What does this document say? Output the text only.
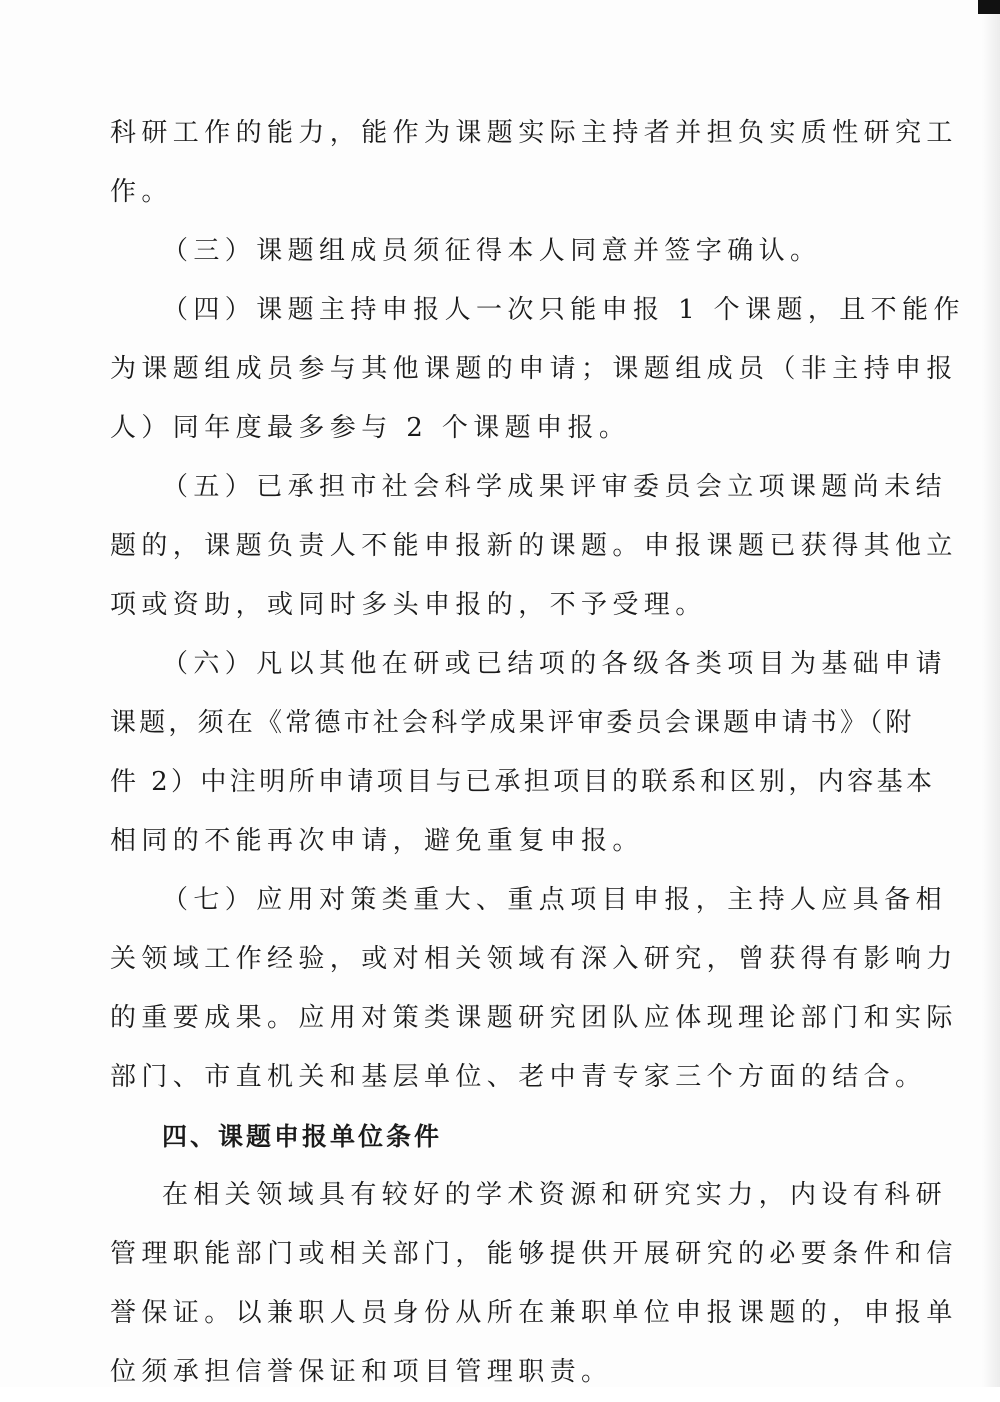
科研工作的能力，能作为课题实际主持者并担负实质性研究工
作。
（三）课题组成员须征得本人同意并签字确认。
（四）课题主持申报人一次只能申报 1 个课题，且不能作
为课题组成员参与其他课题的申请；课题组成员（非主持申报
人）同年度最多参与 2 个课题申报。
（五）已承担市社会科学成果评审委员会立项课题尚未结
题的，课题负责人不能申报新的课题。申报课题已获得其他立
项或资助，或同时多头申报的，不予受理。
（六）凡以其他在研或已结项的各级各类项目为基础申请
课题，须在《常德市社会科学成果评审委员会课题申请书》（附
件 2）中注明所申请项目与已承担项目的联系和区别，内容基本
相同的不能再次申请，避免重复申报。
（七）应用对策类重大、重点项目申报，主持人应具备相
关领域工作经验，或对相关领域有深入研究，曾获得有影响力
的重要成果。应用对策类课题研究团队应体现理论部门和实际
部门、市直机关和基层单位、老中青专家三个方面的结合。
四、课题申报单位条件
在相关领域具有较好的学术资源和研究实力，内设有科研
管理职能部门或相关部门，能够提供开展研究的必要条件和信
誉保证。以兼职人员身份从所在兼职单位申报课题的，申报单
位须承担信誉保证和项目管理职责。
